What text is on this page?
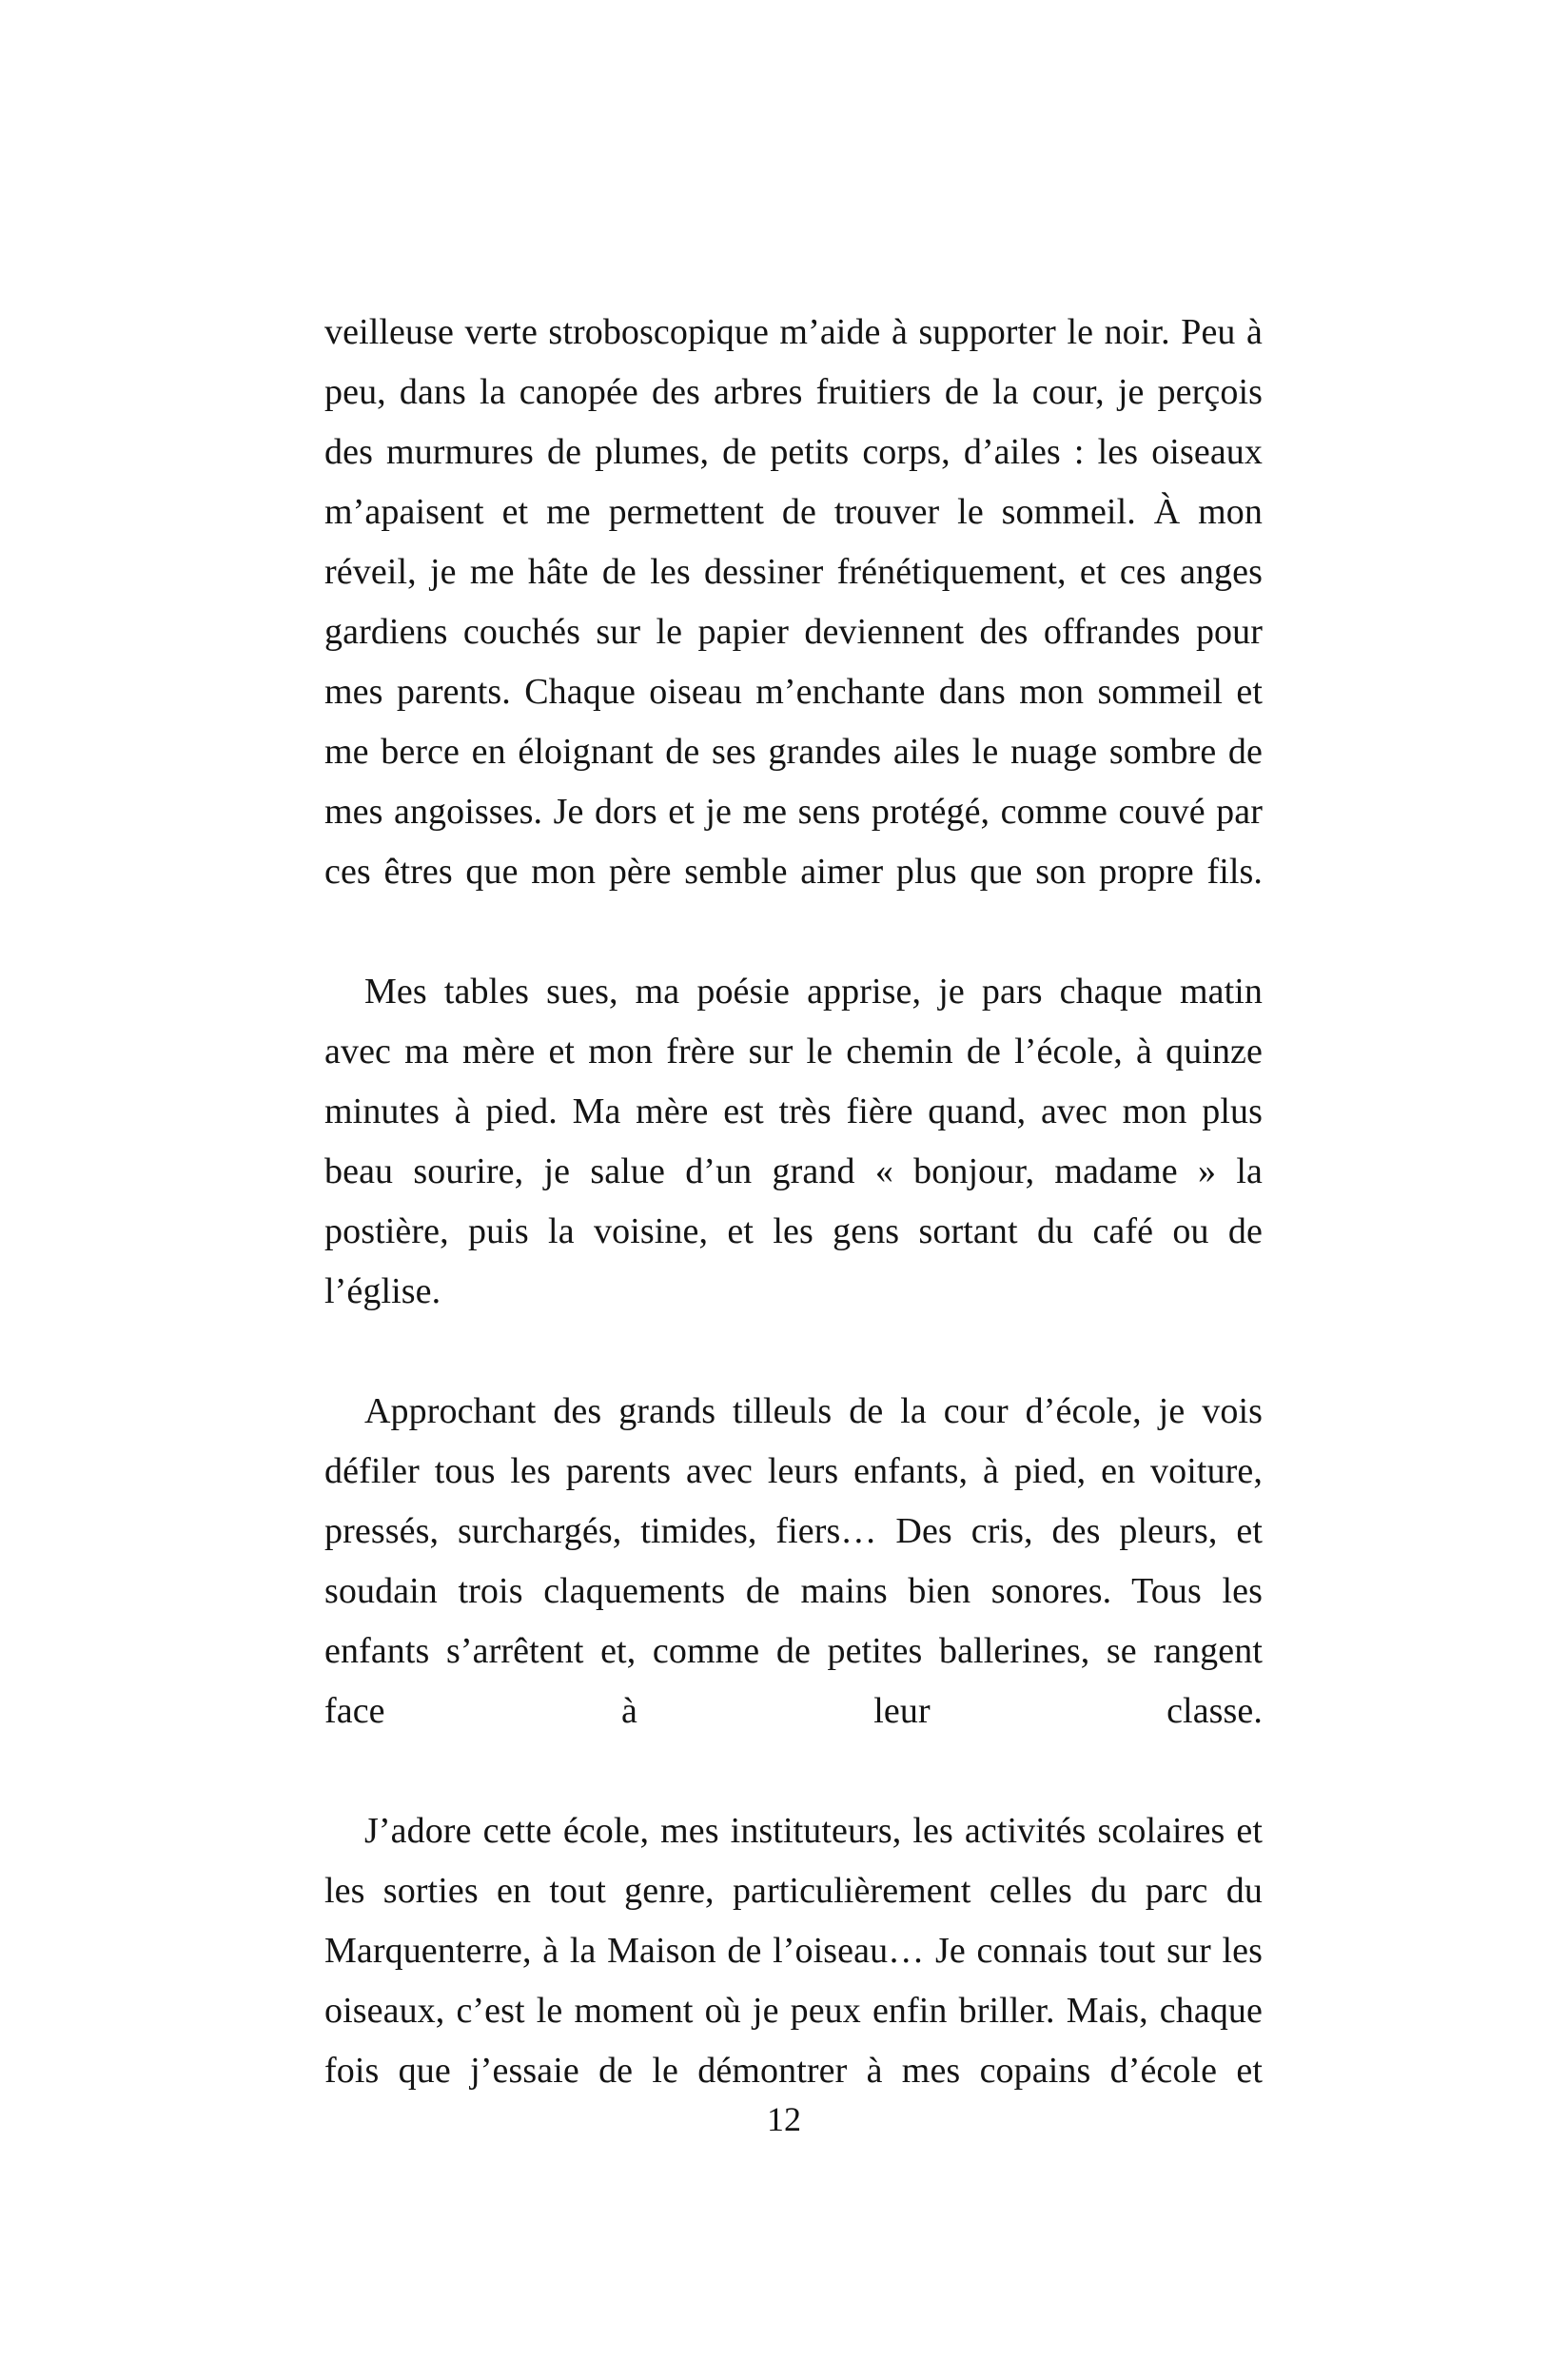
veilleuse verte stroboscopique m’aide à supporter le noir. Peu à peu, dans la canopée des arbres fruitiers de la cour, je perçois des murmures de plumes, de petits corps, d’ailes : les oiseaux m’apaisent et me permettent de trouver le sommeil. À mon réveil, je me hâte de les dessiner frénétiquement, et ces anges gardiens couchés sur le papier deviennent des offrandes pour mes parents. Chaque oiseau m’enchante dans mon sommeil et me berce en éloignant de ses grandes ailes le nuage sombre de mes angoisses. Je dors et je me sens protégé, comme couvé par ces êtres que mon père semble aimer plus que son propre fils.

Mes tables sues, ma poésie apprise, je pars chaque matin avec ma mère et mon frère sur le chemin de l’école, à quinze minutes à pied. Ma mère est très fière quand, avec mon plus beau sourire, je salue d’un grand « bonjour, madame » la postière, puis la voisine, et les gens sortant du café ou de l’église.

Approchant des grands tilleuls de la cour d’école, je vois défiler tous les parents avec leurs enfants, à pied, en voiture, pressés, surchargés, timides, fiers… Des cris, des pleurs, et soudain trois claquements de mains bien sonores. Tous les enfants s’arrêtent et, comme de petites ballerines, se rangent face à leur classe.

J’adore cette école, mes instituteurs, les activités scolaires et les sorties en tout genre, particulièrement celles du parc du Marquenterre, à la Maison de l’oiseau… Je connais tout sur les oiseaux, c’est le moment où je peux enfin briller. Mais, chaque fois que j’essaie de le démontrer à mes copains d’école et

12
